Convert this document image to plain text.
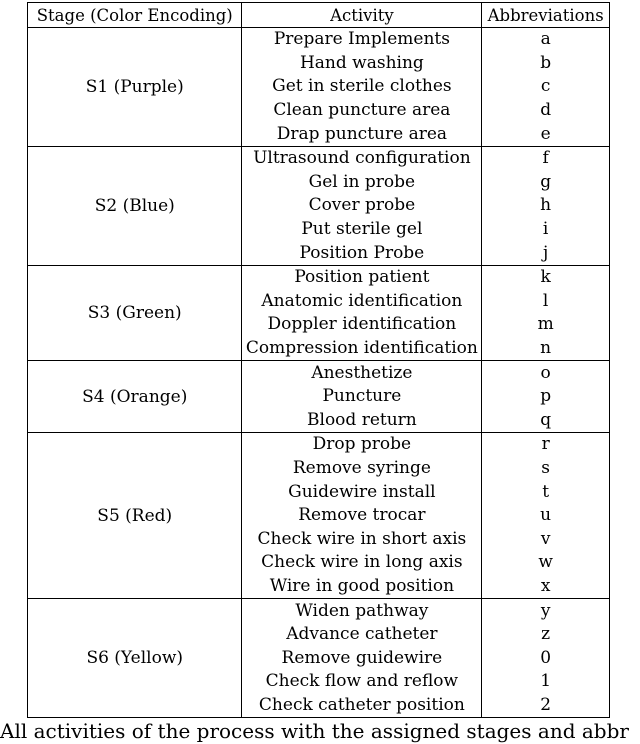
Stage (Color Encoding)	Activity	Abbreviations
S1 (Purple)	Prepare Implements	a
	Hand washing	b
	Get in sterile clothes	c
	Clean puncture area	d
	Drap puncture area	e
S2 (Blue)	Ultrasound configuration	f
	Gel in probe	g
	Cover probe	h
	Put sterile gel	i
	Position Probe	j
S3 (Green)	Position patient	k
	Anatomic identification	l
	Doppler identification	m
	Compression identification	n
S4 (Orange)	Anesthetize	o
	Puncture	p
	Blood return	q
S5 (Red)	Drop probe	r
	Remove syringe	s
	Guidewire install	t
	Remove trocar	u
	Check wire in short axis	v
	Check wire in long axis	w
	Wire in good position	x
S6 (Yellow)	Widen pathway	y
	Advance catheter	z
	Remove guidewire	0
	Check flow and reflow	1
	Check catheter position	2
All activities of the process with the assigned stages and abbr
